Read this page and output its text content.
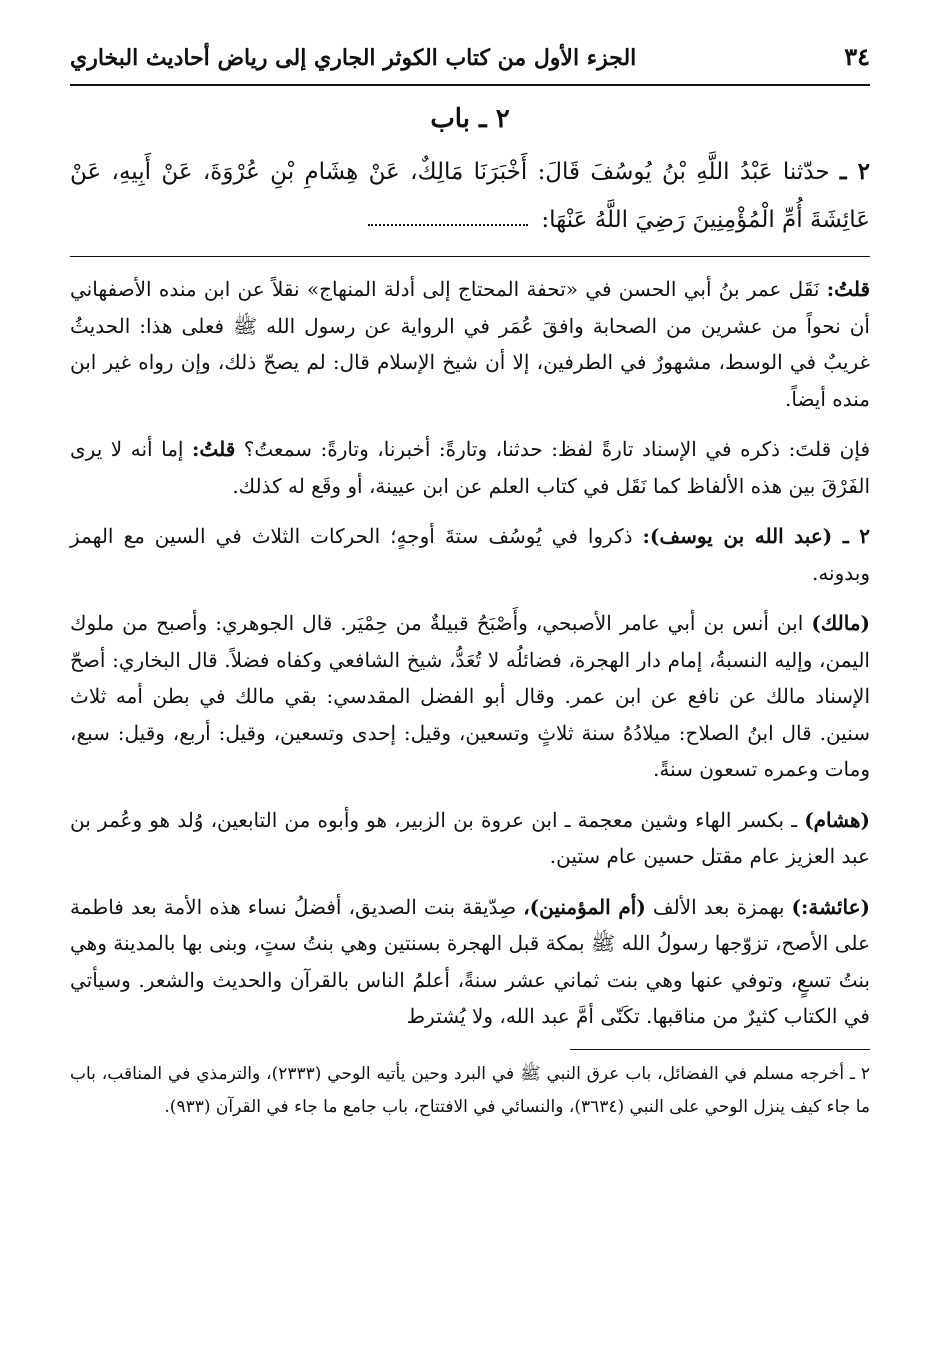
٣٤
الجزء الأول من كتاب الكوثر الجاري إلى رياض أحاديث البخاري
٢ ـ باب
٢ ـ حدّثنا عَبْدُ اللَّهِ بْنُ يُوسُفَ قَالَ: أَخْبَرَنَا مَالِكٌ، عَنْ هِشَامِ بْنِ عُرْوَةَ، عَنْ أَبِيهِ، عَنْ عَائِشَةَ أُمِّ الْمُؤْمِنِينَ رَضِيَ اللَّهُ عَنْهَا:
قلتُ: نَقَل عمر بنُ أبي الحسن في «تحفة المحتاج إلى أدلة المنهاج» نقلاً عن ابن منده الأصفهاني أن نحواً من عشرين من الصحابة وافقَ عُمَر في الرواية عن رسول الله ﷺ فعلى هذا: الحديثُ غريبٌ في الوسط، مشهورٌ في الطرفين، إلا أن شيخ الإسلام قال: لم يصحّ ذلك، وإن رواه غير ابن منده أيضاً.
فإن قلتَ: ذكره في الإسناد تارةً لفظ: حدثنا، وتارةً: أخبرنا، وتارةً: سمعتُ؟ قلتُ: إما أنه لا يرى الفَرْقَ بين هذه الألفاظ كما نَقَل في كتاب العلم عن ابن عيينة، أو وقَع له كذلك.
٢ ـ (عبد الله بن يوسف): ذكروا في يُوسُف ستةَ أوجهٍ؛ الحركات الثلاث في السين مع الهمز وبدونه.
(مالك) ابن أنس بن أبي عامر الأصبحي، وأَصْبَحُ قبيلةٌ من حِمْيَر. قال الجوهري: وأصبح من ملوك اليمن، وإليه النسبةُ، إمام دار الهجرة، فضائلُه لا تُعَدُّ، شيخ الشافعي وكفاه فضلاً. قال البخاري: أصحّ الإسناد مالك عن نافع عن ابن عمر. وقال أبو الفضل المقدسي: بقي مالك في بطن أمه ثلاث سنين. قال ابنُ الصلاح: ميلادُهُ سنة ثلاثٍ وتسعين، وقيل: إحدى وتسعين، وقيل: أربع، وقيل: سبع، ومات وعمره تسعون سنةً.
(هشام) ـ بكسر الهاء وشين معجمة ـ ابن عروة بن الزبير، هو وأبوه من التابعين، وُلد هو وعُمر بن عبد العزيز عام مقتل حسين عام ستين.
(عائشة:) بهمزة بعد الألف (أم المؤمنين)، صِدّيقة بنت الصديق، أفضلُ نساء هذه الأمة بعد فاطمة على الأصح، تزوّجها رسولُ الله ﷺ بمكة قبل الهجرة بسنتين وهي بنتُ ستٍ، وبنى بها بالمدينة وهي بنتُ تسعٍ، وتوفي عنها وهي بنت ثماني عشر سنةً، أعلمُ الناس بالقرآن والحديث والشعر. وسيأتي في الكتاب كثيرٌ من مناقبها. تكَنّى أمَّ عبد الله، ولا يُشترط
٢ ـ أخرجه مسلم في الفضائل، باب عرق النبي ﷺ في البرد وحين يأتيه الوحي (٢٣٣٣)، والترمذي في المناقب، باب ما جاء كيف ينزل الوحي على النبي (٣٦٣٤)، والنسائي في الافتتاح، باب جامع ما جاء في القرآن (٩٣٣).
